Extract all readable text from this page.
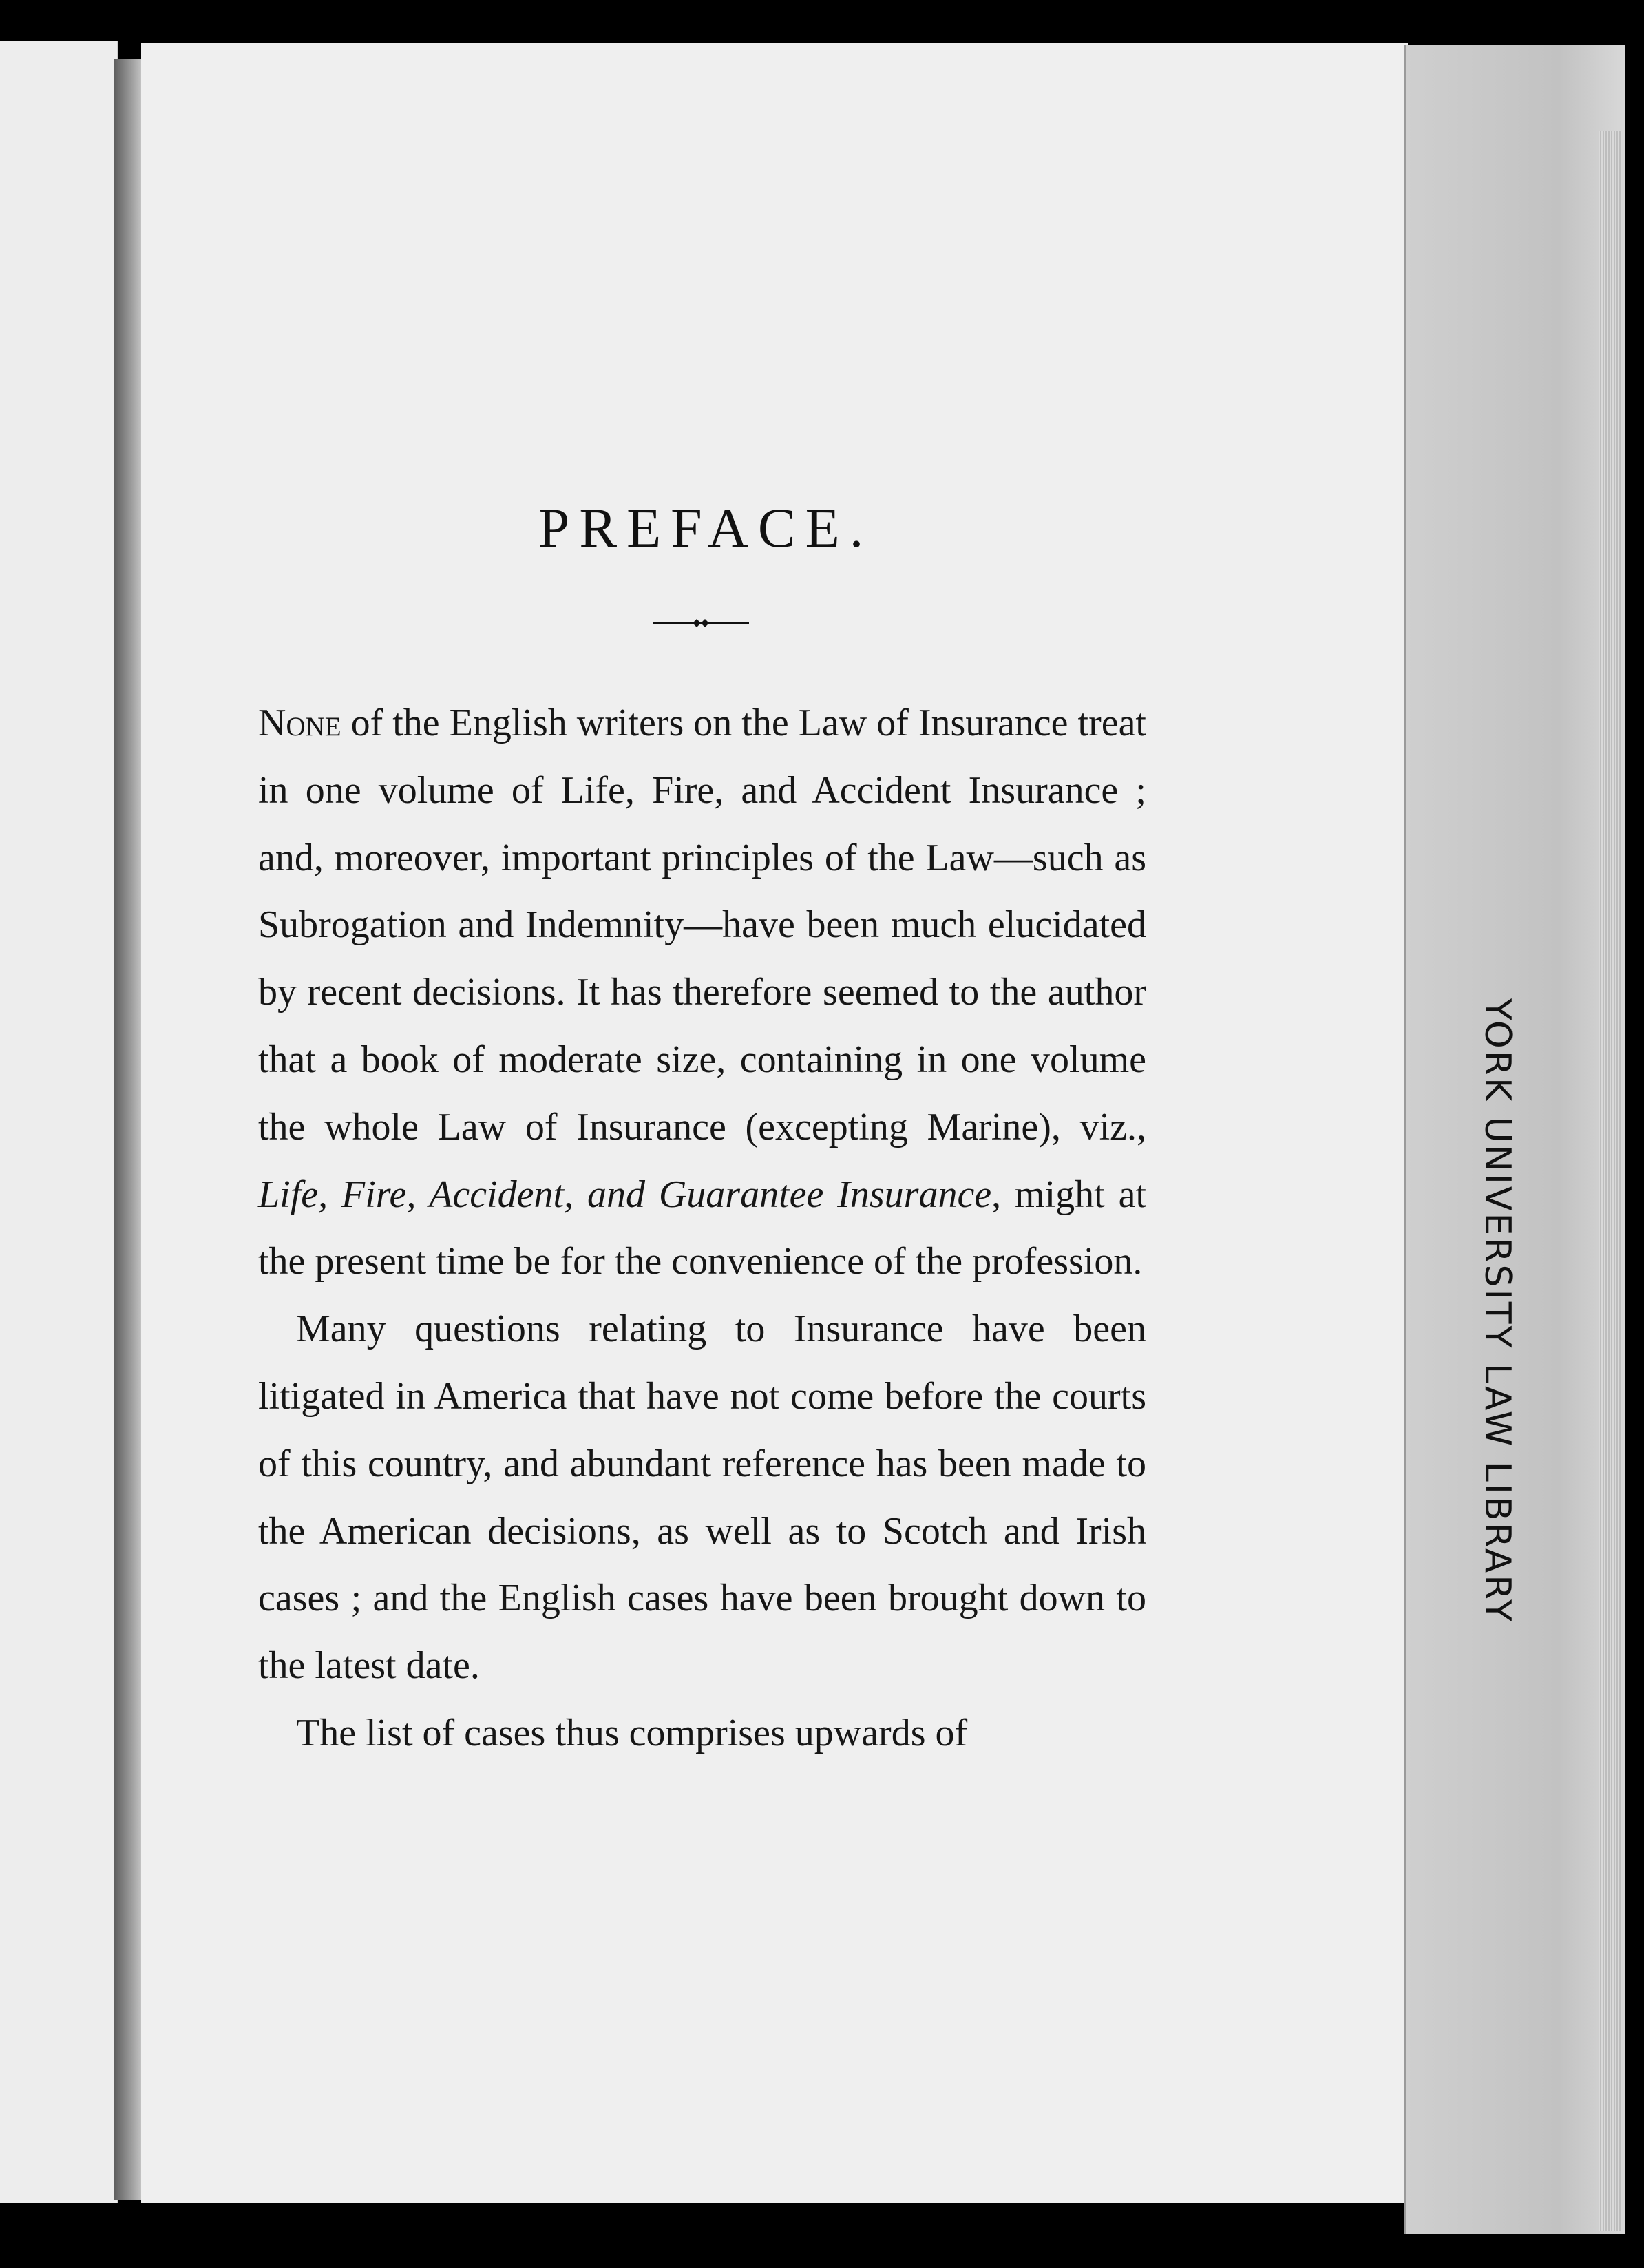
YORK UNIVERSITY LAW LIBRARY
PREFACE.

None of the English writers on the Law of Insurance treat in one volume of Life, Fire, and Accident Insurance ; and, moreover, important principles of the Law—such as Subrogation and Indemnity—have been much elucidated by recent decisions. It has therefore seemed to the author that a book of moderate size, containing in one volume the whole Law of Insurance (excepting Marine), viz., Life, Fire, Accident, and Guarantee Insurance, might at the present time be for the convenience of the profession.

Many questions relating to Insurance have been litigated in America that have not come before the courts of this country, and abundant reference has been made to the American decisions, as well as to Scotch and Irish cases ; and the English cases have been brought down to the latest date.

The list of cases thus comprises upwards of
